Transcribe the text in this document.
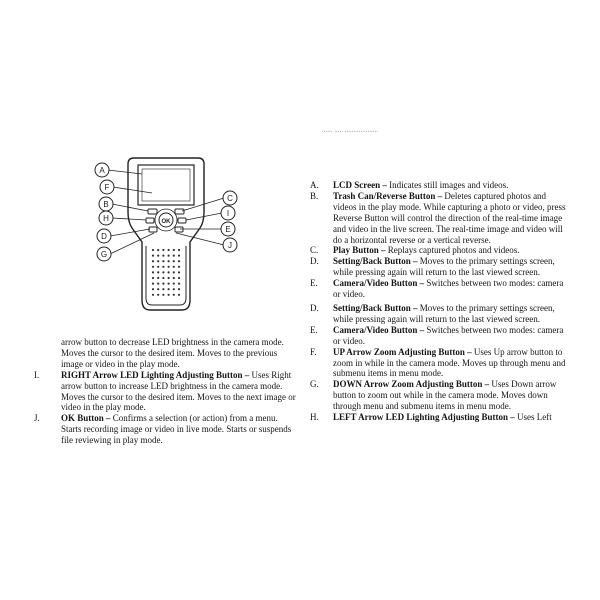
...... ..... ...................
OK
A
F
B
H
D
G
C
I
E
J
arrow button to decrease LED brightness in the camera mode. Moves the cursor to the desired item. Moves to the previous image or video in the play mode.
I.	RIGHT Arrow LED Lighting Adjusting Button – Uses Right arrow button to increase LED brightness in the camera mode. Moves the cursor to the desired item. Moves to the next image or video in the play mode.
J.	OK Button – Confirms a selection (or action) from a menu. Starts recording image or video in live mode. Starts or suspends file reviewing in play mode.
A.	LCD Screen – Indicates still images and videos.
B.	Trash Can/Reverse Button – Deletes captured photos and videos in the play mode. While capturing a photo or video, press Reverse Button will control the direction of the real-time image and video in the live screen. The real-time image and video will do a horizontal reverse or a vertical reverse.
C.	Play Button – Replays captured photos and videos.
D.	Setting/Back Button – Moves to the primary settings screen, while pressing again will return to the last viewed screen.
E.	Camera/Video Button – Switches between two modes: camera or video.
D.	Setting/Back Button – Moves to the primary settings screen, while pressing again will return to the last viewed screen.
E.	Camera/Video Button – Switches between two modes: camera or video.
F.	UP Arrow Zoom Adjusting Button – Uses Up arrow button to zoom in while in the camera mode. Moves up through menu and submenu items in menu mode.
G.	DOWN Arrow Zoom Adjusting Button – Uses Down arrow button to zoom out while in the camera mode. Moves down through menu and submenu items in menu mode.
H.	LEFT Arrow LED Lighting Adjusting Button – Uses Left
